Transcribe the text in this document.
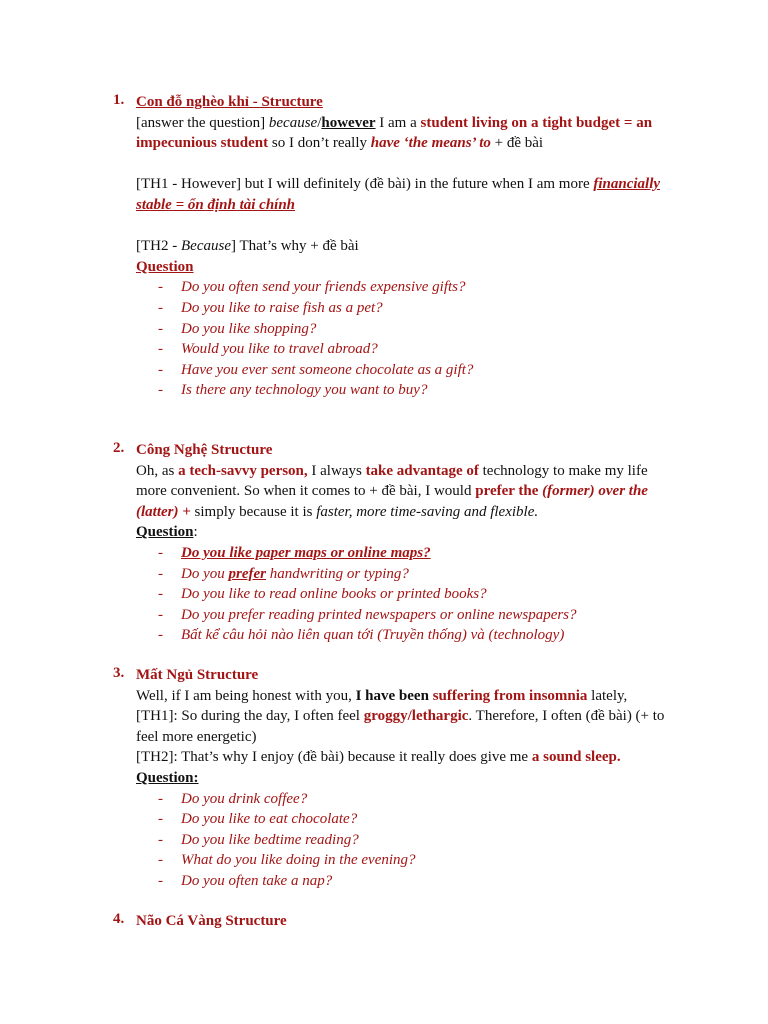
1. Con đỗ nghèo khỉ - Structure
[answer the question] because/however I am a student living on a tight budget = an
impecunious student so I don’t really have ‘the means’ to + đề bài
[TH1 - However] but I will definitely (đề bài) in the future when I am more financially
stable = ổn định tài chính
[TH2 - Because] That’s why + đề bài
Question
- Do you often send your friends expensive gifts?
- Do you like to raise fish as a pet?
- Do you like shopping?
- Would you like to travel abroad?
- Have you ever sent someone chocolate as a gift?
- Is there any technology you want to buy?
2. Công Nghệ Structure
Oh, as a tech-savvy person, I always take advantage of technology to make my life
more convenient. So when it comes to + đề bài, I would prefer the (former) over the
(latter) + simply because it is faster, more time-saving and flexible.
Question:
- Do you like paper maps or online maps?
- Do you prefer handwriting or typing?
- Do you like to read online books or printed books?
- Do you prefer reading printed newspapers or online newspapers?
- Bất kể câu hỏi nào liên quan tới (Truyền thống) và (technology)
3. Mất Ngủ Structure
Well, if I am being honest with you, I have been suffering from insomnia lately,
[TH1]: So during the day, I often feel groggy/lethargic. Therefore, I often (đề bài) (+ to
feel more energetic)
[TH2]: That’s why I enjoy (đề bài) because it really does give me a sound sleep.
Question:
- Do you drink coffee?
- Do you like to eat chocolate?
- Do you like bedtime reading?
- What do you like doing in the evening?
- Do you often take a nap?
4. Não Cá Vàng Structure
